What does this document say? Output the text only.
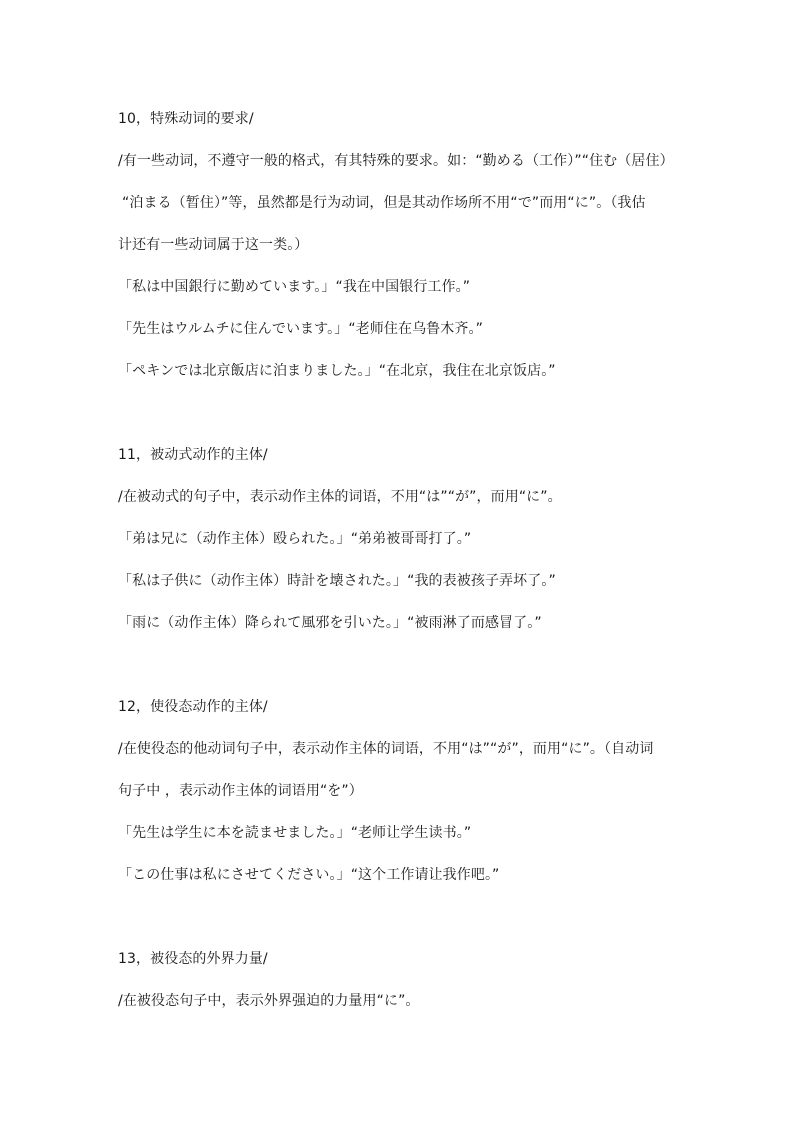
10，特殊动词的要求/
/有一些动词，不遵守一般的格式，有其特殊的要求。如：“勤める（工作）”“住む（居住）
“泊まる（暂住）”等，虽然都是行为动词，但是其动作场所不用“で”而用“に”。（我估
计还有一些动词属于这一类。）
「私は中国銀行に勤めています。」“我在中国银行工作。”
「先生はウルムチに住んでいます。」“老师住在乌鲁木齐。”
「ペキンでは北京飯店に泊まりました。」“在北京，我住在北京饭店。”
11，被动式动作的主体/
/在被动式的句子中，表示动作主体的词语，不用“は”“が”，而用“に”。
「弟は兄に（动作主体）殴られた。」“弟弟被哥哥打了。”
「私は子供に（动作主体）時計を壊された。」“我的表被孩子弄坏了。”
「雨に（动作主体）降られて風邪を引いた。」“被雨淋了而感冒了。”
12，使役态动作的主体/
/在使役态的他动词句子中，表示动作主体的词语，不用“は”“が”，而用“に”。（自动词
句子中 ，表示动作主体的词语用“を”）
「先生は学生に本を読ませました。」“老师让学生读书。”
「この仕事は私にさせてください。」“这个工作请让我作吧。”
13，被役态的外界力量/
/在被役态句子中，表示外界强迫的力量用“に”。
